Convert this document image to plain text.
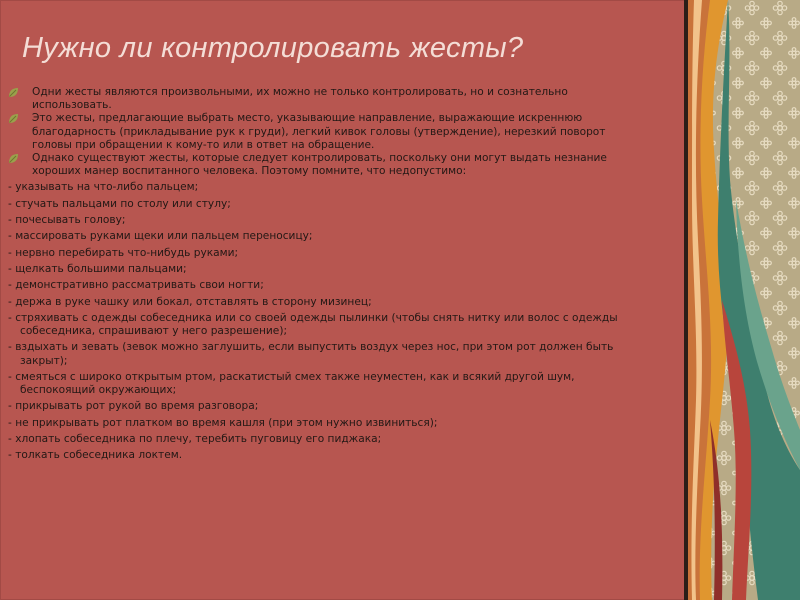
Нужно ли контролировать жесты?

Одни жесты являются произвольными, их можно не только контролировать, но и сознательно использовать.

Это жесты, предлагающие выбрать место, указывающие направление, выражающие искреннюю благодарность (прикладывание рук к груди), легкий кивок головы (утверждение), нерезкий поворот головы при обращении к кому-то или в ответ на обращение.

Однако существуют жесты, которые следует контролировать, поскольку они могут выдать незнание хороших манер воспитанного человека. Поэтому помните, что недопустимо:

- указывать на что-либо пальцем;
- стучать пальцами по столу или стулу;
- почесывать голову;
- массировать руками щеки или пальцем переносицу;
- нервно перебирать что-нибудь руками;
- щелкать большими пальцами;
- демонстративно рассматривать свои ногти;
- держа в руке чашку или бокал, отставлять в сторону мизинец;
- стряхивать с одежды собеседника или со своей одежды пылинки (чтобы снять нитку или волос с одежды собеседника, спрашивают у него разрешение);
- вздыхать и зевать (зевок можно заглушить, если выпустить воздух через нос, при этом рот должен быть закрыт);
- смеяться с широко открытым ртом, раскатистый смех также неуместен, как и всякий другой шум, беспокоящий окружающих;
- прикрывать рот рукой во время разговора;
- не прикрывать рот платком во время кашля (при этом нужно извиниться);
- хлопать собеседника по плечу, теребить пуговицу его пиджака;
- толкать собеседника локтем.
